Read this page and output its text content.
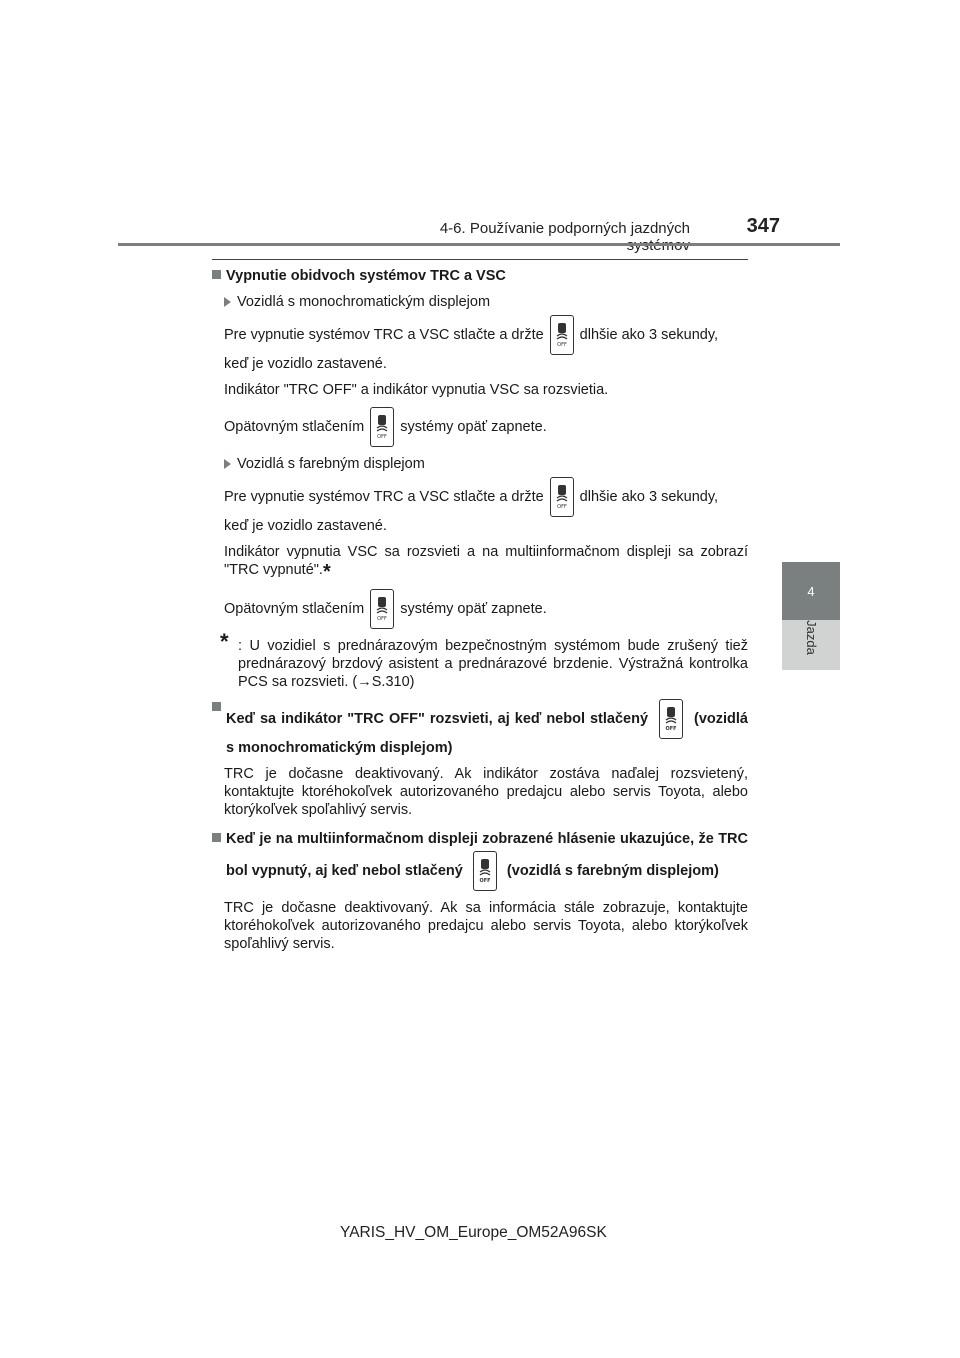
4-6. Používanie podporných jazdných	347
4
Jazda
Vypnutie obidvoch systémov TRC a VSC
Vozidlá s monochromatickým displejom
Pre vypnutie systémov TRC a VSC stlačte a držte
OFF
dlhšie ako 3 sekundy,
keď je vozidlo zastavené.
Indikátor "TRC OFF" a indikátor vypnutia VSC sa rozsvietia.
Opätovným stlačením
OFF
systémy opäť zapnete.
Vozidlá s farebným displejom
Pre vypnutie systémov TRC a VSC stlačte a držte
OFF
dlhšie ako 3 sekundy,
keď je vozidlo zastavené.
Indikátor vypnutia VSC sa rozsvieti a na multiinformačnom displeji sa zobrazí "TRC vypnuté".*
Opätovným stlačením
OFF
systémy opäť zapnete.
* : U vozidiel s prednárazovým bezpečnostným systémom bude zrušený tiež prednárazový brzdový asistent a prednárazové brzdenie. Výstražná kontrolka PCS sa rozsvieti. (→S.310)
Keď sa indikátor "TRC OFF" rozsvieti, aj keď nebol stlačený
OFF
(vozidlá s monochromatickým displejom)
TRC je dočasne deaktivovaný. Ak indikátor zostáva naďalej rozsvietený, kontaktujte ktoréhokoľvek autorizovaného predajcu alebo servis Toyota, alebo ktorýkoľvek spoľahlivý servis.
Keď je na multiinformačnom displeji zobrazené hlásenie ukazujúce, že TRC bol vypnutý, aj keď nebol stlačený
OFF
(vozidlá s farebným displejom)
TRC je dočasne deaktivovaný. Ak sa informácia stále zobrazuje, kontaktujte ktoréhokoľvek autorizovaného predajcu alebo servis Toyota, alebo ktorýkoľvek spoľahlivý servis.
YARIS_HV_OM_Europe_OM52A96SK
